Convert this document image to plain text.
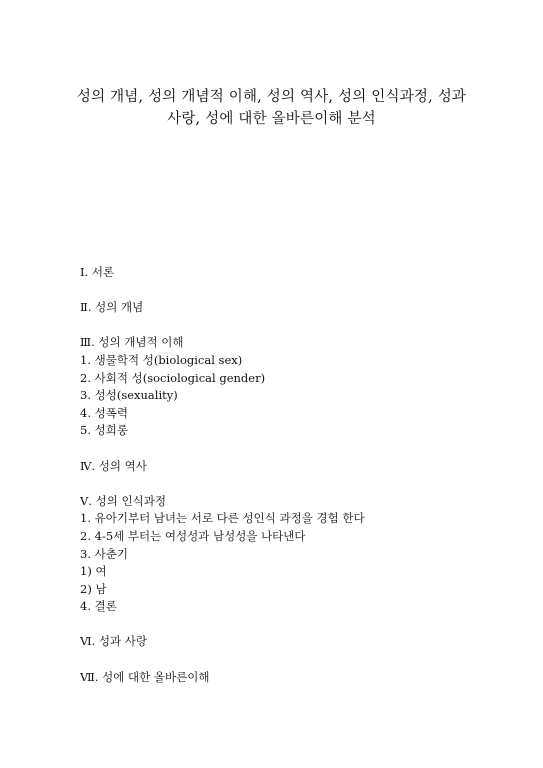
성의 개념, 성의 개념적 이해, 성의 역사, 성의 인식과정, 성과
사랑, 성에 대한 올바른이해 분석
Ⅰ. 서론
Ⅱ. 성의 개념
Ⅲ. 성의 개념적 이해
1. 생물학적 성(biological sex)
2. 사회적 성(sociological gender)
3. 성성(sexuality)
4. 성폭력
5. 성희롱
Ⅳ. 성의 역사
Ⅴ. 성의 인식과정
1. 유아기부터 남녀는 서로 다른 성인식 과정을 경험 한다
2. 4-5세 부터는 여성성과 남성성을 나타낸다
3. 사춘기
1) 여
2) 남
4. 결론
Ⅵ. 성과 사랑
Ⅶ. 성에 대한 올바른이해
